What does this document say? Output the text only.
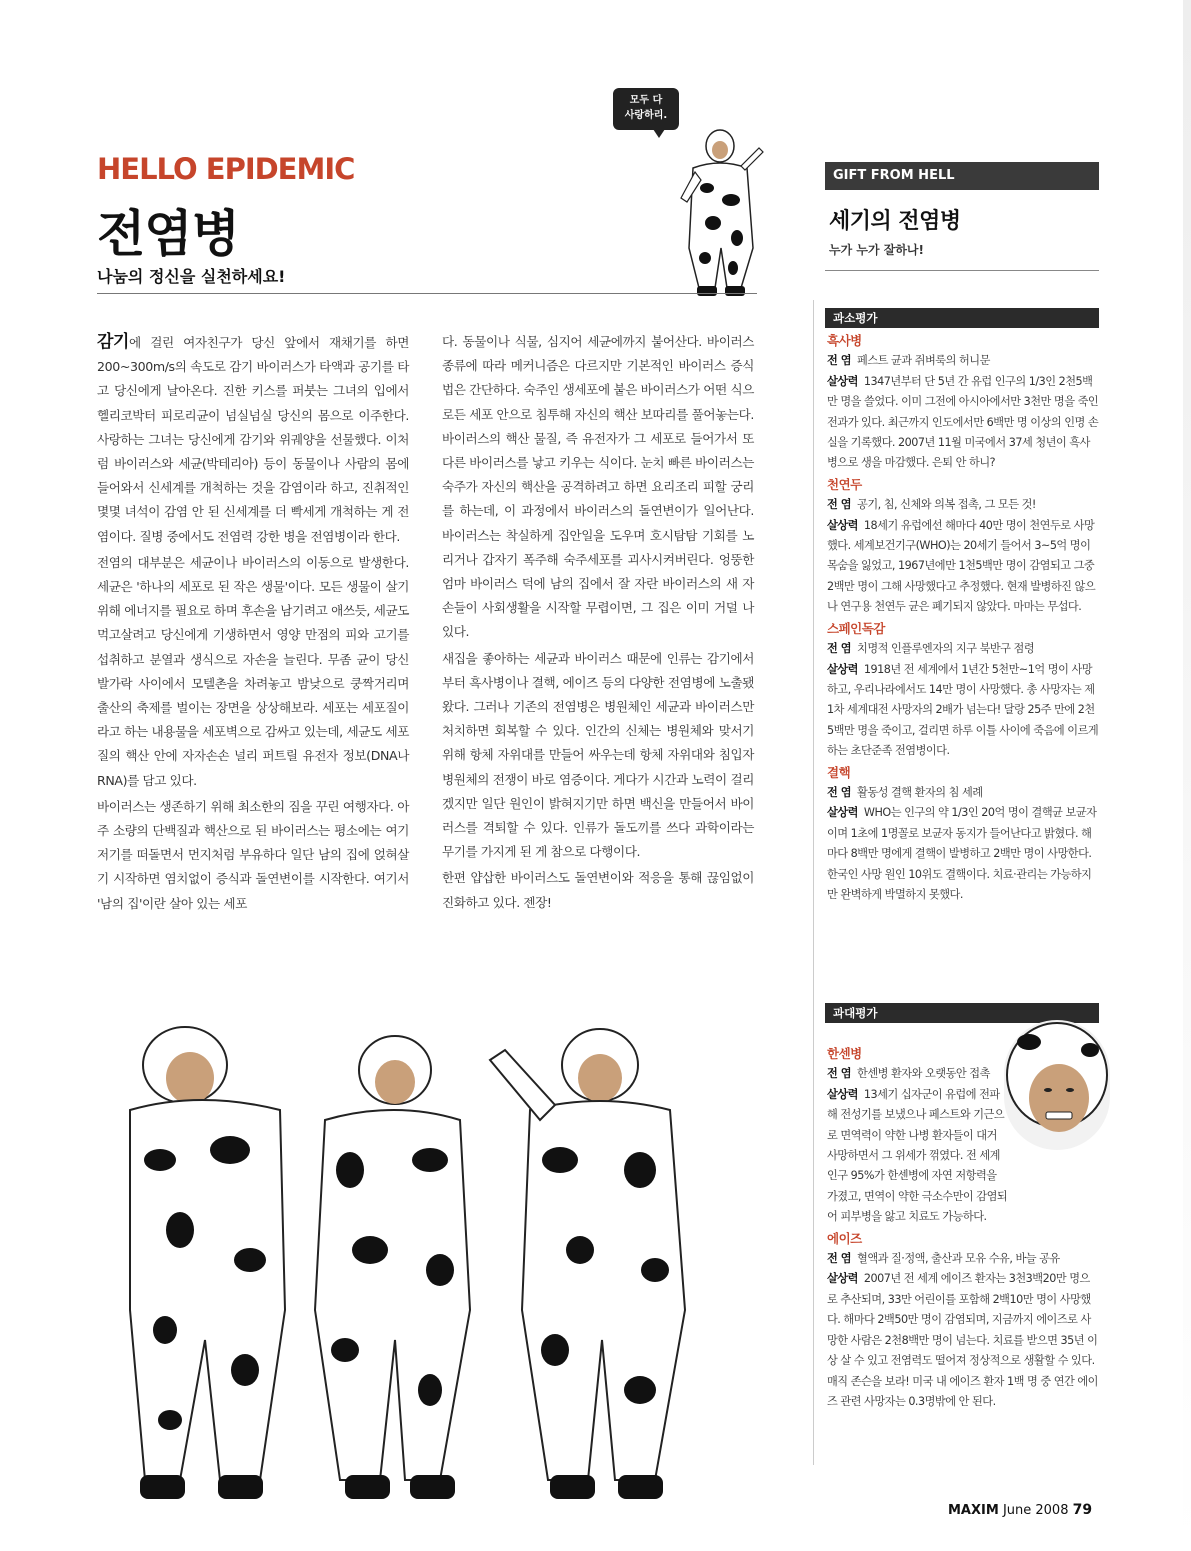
모두 다
사랑하리.
HELLO EPIDEMIC
전염병
나눔의 정신을 실천하세요!

감기에 걸린 여자친구가 당신 앞에서 재채기를 하면 200~300m/s의 속도로 감기 바이러스가 타액과 공기를 타고 당신에게 날아온다. 진한 키스를 퍼붓는 그녀의 입에서 헬리코박터 피로리균이 넘실넘실 당신의 몸으로 이주한다. 사랑하는 그녀는 당신에게 감기와 위궤양을 선물했다. 이처럼 바이러스와 세균(박테리아) 등이 동물이나 사람의 몸에 들어와서 신세계를 개척하는 것을 감염이라 하고, 진취적인 몇몇 녀석이 감염 안 된 신세계를 더 빡세게 개척하는 게 전염이다. 질병 중에서도 전염력 강한 병을 전염병이라 한다.

전염의 대부분은 세균이나 바이러스의 이동으로 발생한다. 세균은 '하나의 세포로 된 작은 생물'이다. 모든 생물이 살기 위해 에너지를 필요로 하며 후손을 남기려고 애쓰듯, 세균도 먹고살려고 당신에게 기생하면서 영양 만점의 피와 고기를 섭취하고 분열과 생식으로 자손을 늘린다. 무좀 균이 당신 발가락 사이에서 모텔촌을 차려놓고 밤낮으로 쿵짝거리며 출산의 축제를 벌이는 장면을 상상해보라. 세포는 세포질이라고 하는 내용물을 세포벽으로 감싸고 있는데, 세균도 세포질의 핵산 안에 자자손손 널리 퍼트릴 유전자 정보(DNA나 RNA)를 담고 있다.

바이러스는 생존하기 위해 최소한의 짐을 꾸린 여행자다. 아주 소량의 단백질과 핵산으로 된 바이러스는 평소에는 여기저기를 떠돌면서 먼지처럼 부유하다 일단 남의 집에 얹혀살기 시작하면 염치없이 증식과 돌연변이를 시작한다. 여기서 '남의 집'이란 살아 있는 세포

다. 동물이나 식물, 심지어 세균에까지 붙어산다. 바이러스 종류에 따라 메커니즘은 다르지만 기본적인 바이러스 증식법은 간단하다. 숙주인 생세포에 붙은 바이러스가 어떤 식으로든 세포 안으로 침투해 자신의 핵산 보따리를 풀어놓는다. 바이러스의 핵산 물질, 즉 유전자가 그 세포로 들어가서 또 다른 바이러스를 낳고 키우는 식이다. 눈치 빠른 바이러스는 숙주가 자신의 핵산을 공격하려고 하면 요리조리 피할 궁리를 하는데, 이 과정에서 바이러스의 돌연변이가 일어난다. 바이러스는 착실하게 집안일을 도우며 호시탐탐 기회를 노리거나 갑자기 폭주해 숙주세포를 괴사시켜버린다. 엉뚱한 엄마 바이러스 덕에 남의 집에서 잘 자란 바이러스의 새 자손들이 사회생활을 시작할 무렵이면, 그 집은 이미 거덜 나 있다.

새집을 좋아하는 세균과 바이러스 때문에 인류는 감기에서부터 흑사병이나 결핵, 에이즈 등의 다양한 전염병에 노출됐왔다. 그러나 기존의 전염병은 병원체인 세균과 바이러스만 처치하면 회복할 수 있다. 인간의 신체는 병원체와 맞서기 위해 항체 자위대를 만들어 싸우는데 항체 자위대와 침입자 병원체의 전쟁이 바로 염증이다. 게다가 시간과 노력이 걸리겠지만 일단 원인이 밝혀지기만 하면 백신을 만들어서 바이러스를 격퇴할 수 있다. 인류가 돌도끼를 쓰다 과학이라는 무기를 가지게 된 게 참으로 다행이다.

한편 얍삽한 바이러스도 돌연변이와 적응을 통해 끊임없이 진화하고 있다. 젠장!

GIFT FROM HELL
세기의 전염병
누가 누가 잘하나!
과소평가
흑사병
전 염 페스트 균과 쥐벼룩의 허니문
살상력 1347년부터 단 5년 간 유럽 인구의 1/3인 2천5백만 명을 쓸었다. 이미 그전에 아시아에서만 3천만 명을 죽인 전과가 있다. 최근까지 인도에서만 6백만 명 이상의 인명 손실을 기록했다. 2007년 11월 미국에서 37세 청년이 흑사병으로 생을 마감했다. 은퇴 안 하니?
천연두
전 염 공기, 침, 신체와 의복 접촉, 그 모든 것!
살상력 18세기 유럽에선 해마다 40만 명이 천연두로 사망했다. 세계보건기구(WHO)는 20세기 들어서 3~5억 명이 목숨을 잃었고, 1967년에만 1천5백만 명이 감염되고 그중 2백만 명이 그해 사망했다고 추정했다. 현재 발병하진 않으나 연구용 천연두 균은 폐기되지 않았다. 마마는 무섭다.
스페인독감
전 염 치명적 인플루엔자의 지구 북반구 점령
살상력 1918년 전 세계에서 1년간 5천만~1억 명이 사망하고, 우리나라에서도 14만 명이 사망했다. 총 사망자는 제1차 세계대전 사망자의 2배가 넘는다! 달랑 25주 만에 2천5백만 명을 죽이고, 걸리면 하루 이틀 사이에 죽음에 이르게 하는 초단준족 전염병이다.
결핵
전 염 활동성 결핵 환자의 침 세례
살상력 WHO는 인구의 약 1/3인 20억 명이 결핵균 보균자이며 1초에 1명꼴로 보균자 동지가 들어난다고 밝혔다. 해마다 8백만 명에게 결핵이 발병하고 2백만 명이 사망한다. 한국인 사망 원인 10위도 결핵이다. 치료·관리는 가능하지만 완벽하게 박멸하지 못했다.
과대평가
한센병
전 염 한센병 환자와 오랫동안 접촉
살상력 13세기 십자군이 유럽에 전파해 전성기를 보냈으나 페스트와 기근으로 면역력이 약한 나병 환자들이 대거 사망하면서 그 위세가 꺾였다. 전 세계 인구 95%가 한센병에 자연 저항력을 가졌고, 면역이 약한 극소수만이 감염되어 피부병을 앓고 치료도 가능하다.
에이즈
전 염 혈액과 질·정액, 출산과 모유 수유, 바늘 공유
살상력 2007년 전 세계 에이즈 환자는 3천3백20만 명으로 추산되며, 33만 어린이를 포함해 2백10만 명이 사망했다. 해마다 2백50만 명이 감염되며, 지금까지 에이즈로 사망한 사람은 2천8백만 명이 넘는다. 치료를 받으면 35년 이상 살 수 있고 전염력도 떨어져 정상적으로 생활할 수 있다. 매직 존슨을 보라! 미국 내 에이즈 환자 1백 명 중 연간 에이즈 관련 사망자는 0.3명밖에 안 된다.
MAXIM June 2008 79
